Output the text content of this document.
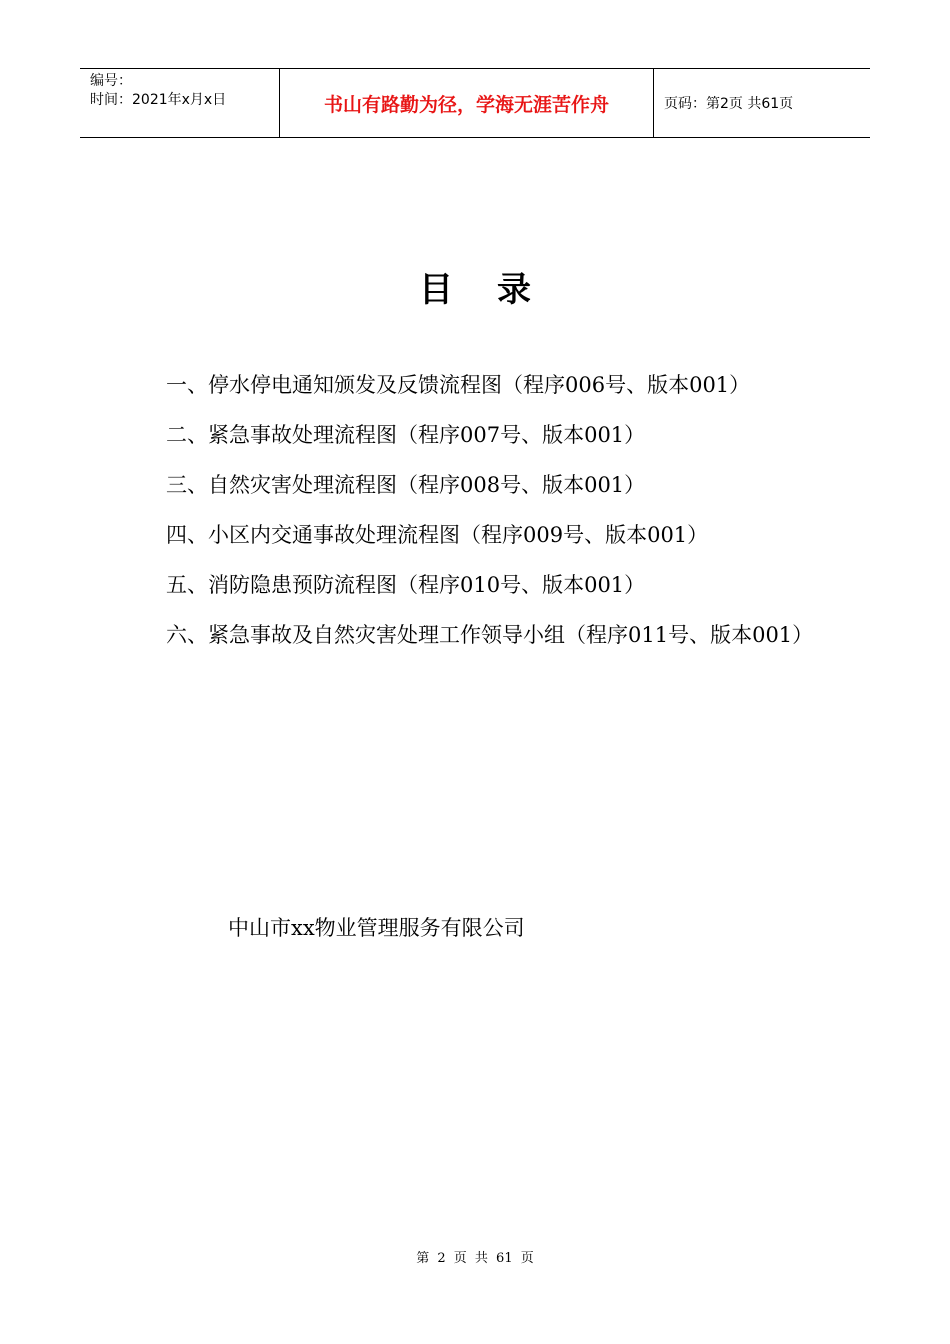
编号：
时间：2021年x月x日	书山有路勤为径，学海无涯苦作舟	页码：第2页 共61页
目录
一、停水停电通知颁发及反馈流程图（程序006号、版本001）
二、紧急事故处理流程图（程序007号、版本001）
三、自然灾害处理流程图（程序008号、版本001）
四、小区内交通事故处理流程图（程序009号、版本001）
五、消防隐患预防流程图（程序010号、版本001）
六、紧急事故及自然灾害处理工作领导小组（程序011号、版本001）
中山市xx物业管理服务有限公司
第 2 页 共 61 页
